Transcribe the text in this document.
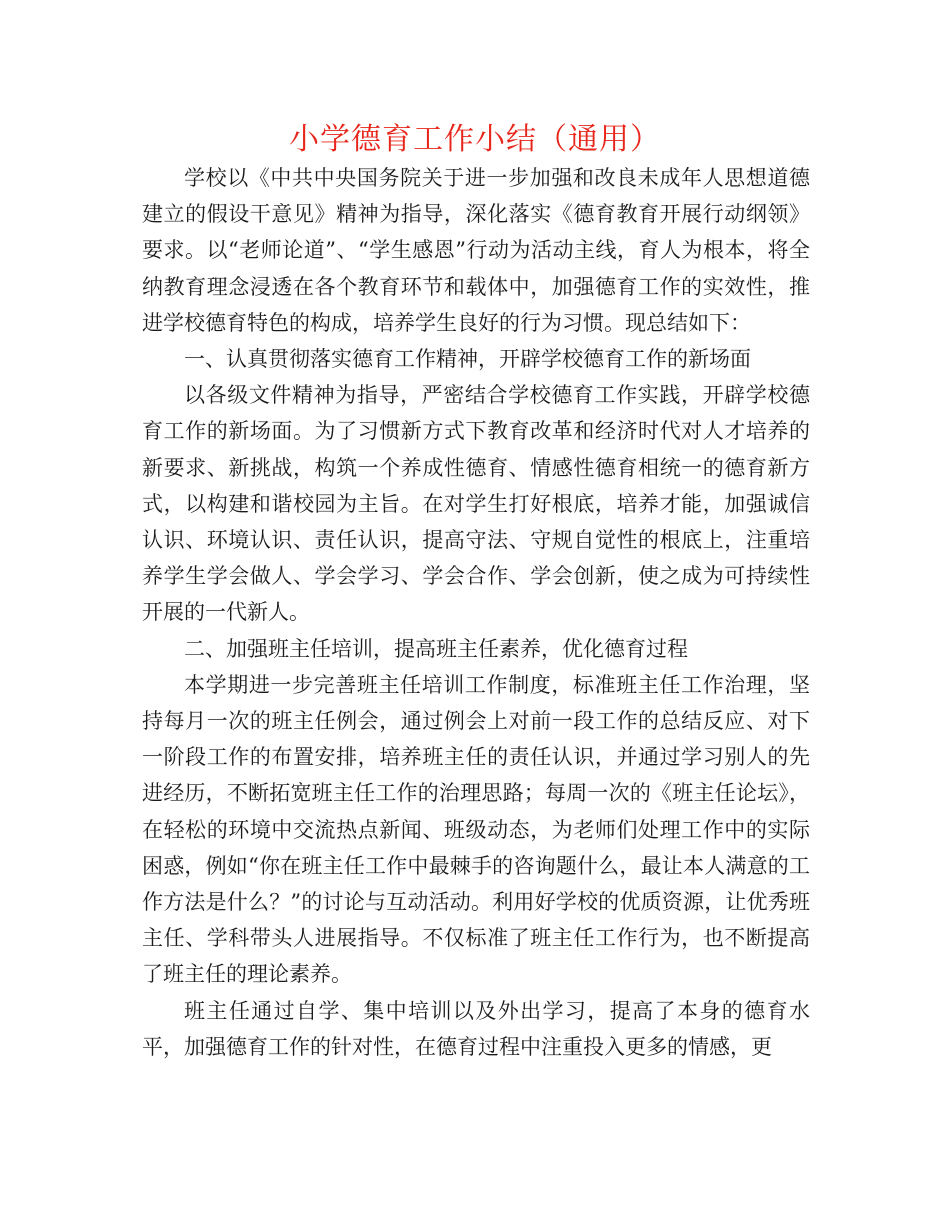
小学德育工作小结（通用）

学校以《中共中央国务院关于进一步加强和改良未成年人思想道德建立的假设干意见》精神为指导，深化落实《德育教育开展行动纲领》要求。以“老师论道”、“学生感恩”行动为活动主线，育人为根本，将全纳教育理念浸透在各个教育环节和载体中，加强德育工作的实效性，推进学校德育特色的构成，培养学生良好的行为习惯。现总结如下：

一、认真贯彻落实德育工作精神，开辟学校德育工作的新场面

以各级文件精神为指导，严密结合学校德育工作实践，开辟学校德育工作的新场面。为了习惯新方式下教育改革和经济时代对人才培养的新要求、新挑战，构筑一个养成性德育、情感性德育相统一的德育新方式，以构建和谐校园为主旨。在对学生打好根底，培养才能，加强诚信认识、环境认识、责任认识，提高守法、守规自觉性的根底上，注重培养学生学会做人、学会学习、学会合作、学会创新，使之成为可持续性开展的一代新人。

二、加强班主任培训，提高班主任素养，优化德育过程

本学期进一步完善班主任培训工作制度，标准班主任工作治理，坚持每月一次的班主任例会，通过例会上对前一段工作的总结反应、对下一阶段工作的布置安排，培养班主任的责任认识，并通过学习别人的先进经历，不断拓宽班主任工作的治理思路；每周一次的《班主任论坛》，在轻松的环境中交流热点新闻、班级动态，为老师们处理工作中的实际困惑，例如“你在班主任工作中最棘手的咨询题什么，最让本人满意的工作方法是什么？”的讨论与互动活动。利用好学校的优质资源，让优秀班主任、学科带头人进展指导。不仅标准了班主任工作行为，也不断提高了班主任的理论素养。

班主任通过自学、集中培训以及外出学习，提高了本身的德育水平，加强德育工作的针对性，在德育过程中注重投入更多的情感，更
